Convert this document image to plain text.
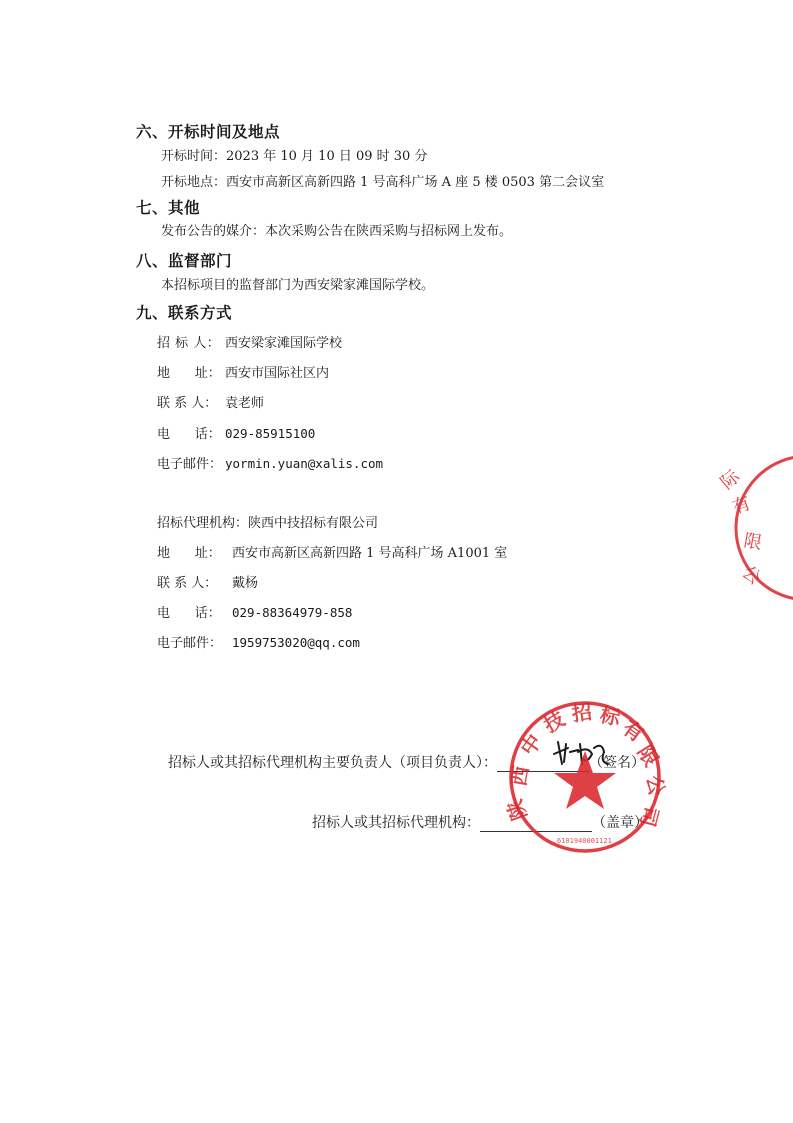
六、开标时间及地点
开标时间：2023 年 10 月 10 日 09 时 30 分
开标地点：西安市高新区高新四路 1 号高科广场 A 座 5 楼 0503 第二会议室
七、其他
发布公告的媒介：本次采购公告在陕西采购与招标网上发布。
八、监督部门
本招标项目的监督部门为西安梁家滩国际学校。
九、联系方式
招 标 人： 西安梁家滩国际学校
地      址： 西安市国际社区内
联 系 人： 袁老师
电      话： 029-85915100
电子邮件： yormin.yuan@xalis.com
招标代理机构：陕西中技招标有限公司
地      址： 西安市高新区高新四路 1 号高科广场 A1001 室
联 系 人： 戴杨
电      话： 029-88364979-858
电子邮件： 1959753020@qq.com
招标人或其招标代理机构主要负责人（项目负责人）：	（签名）
招标人或其招标代理机构：	（盖章）
际
有
限
公
陕
西
中
技 招 标
有
限
公
司
6101940001121
